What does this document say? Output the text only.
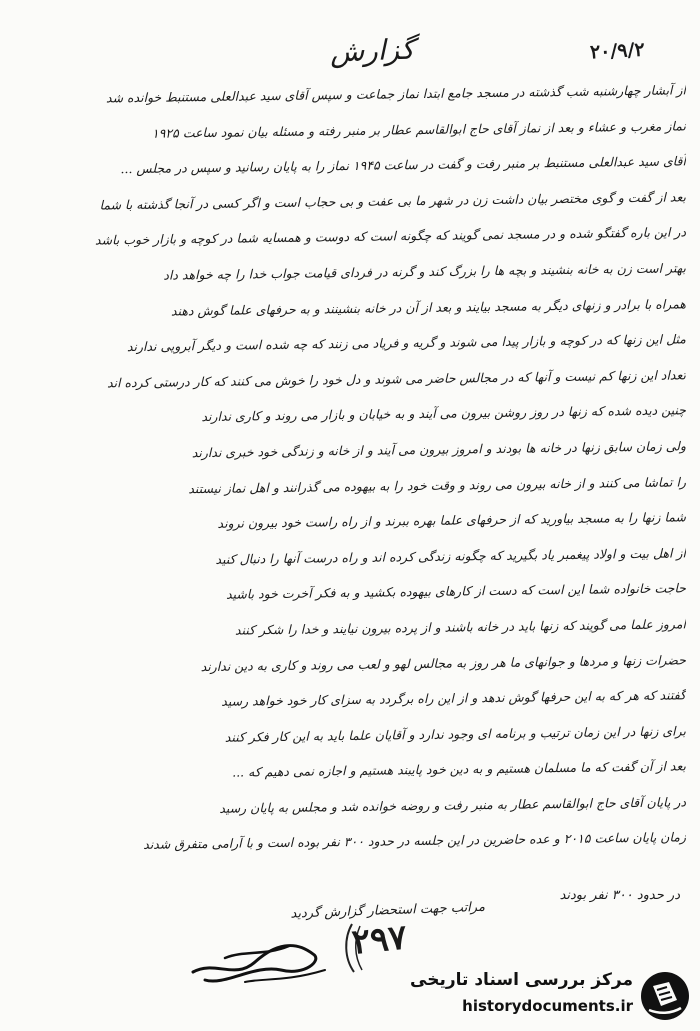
۲۰/۹/۲
گزارش
از آبشار چهارشنبه شب گذشته در مسجد جامع ابتدا نماز جماعت و سپس آقای سید عبدالعلی مستنبط خوانده شد
نماز مغرب و عشاء و بعد از نماز آقای حاج ابوالقاسم عطار بر منبر رفته و مسئله بیان نمود ساعت ۱۹۲۵
آقای سید عبدالعلی مستنبط بر منبر رفت و گفت در ساعت ۱۹۴۵ نماز را به پایان رسانید و سپس در مجلس ...
بعد از گفت و گوی مختصر بیان داشت زن در شهر ما بی عفت و بی حجاب است و اگر کسی در آنجا گذشته با شما
در این باره گفتگو شده و در مسجد نمی گویند که چگونه است که دوست و همسایه شما در کوچه و بازار خوب باشد
بهتر است زن به خانه بنشیند و بچه ها را بزرگ کند و گرنه در فردای قیامت جواب خدا را چه خواهد داد
همراه با برادر و زنهای دیگر به مسجد بیایند و بعد از آن در خانه بنشینند و به حرفهای علما گوش دهند
مثل این زنها که در کوچه و بازار پیدا می شوند و گریه و فریاد می زنند که چه شده است و دیگر آبرویی ندارند
تعداد این زنها کم نیست و آنها که در مجالس حاضر می شوند و دل خود را خوش می کنند که کار درستی کرده اند
چنین دیده شده که زنها در روز روشن بیرون می آیند و به خیابان و بازار می روند و کاری ندارند
ولی زمان سابق زنها در خانه ها بودند و امروز بیرون می آیند و از خانه و زندگی خود خبری ندارند
را تماشا می کنند و از خانه بیرون می روند و وقت خود را به بیهوده می گذرانند و اهل نماز نیستند
شما زنها را به مسجد بیاورید که از حرفهای علما بهره ببرند و از راه راست خود بیرون نروند
از اهل بیت و اولاد پیغمبر یاد بگیرید که چگونه زندگی کرده اند و راه درست آنها را دنبال کنید
حاجت خانواده شما این است که دست از کارهای بیهوده بکشید و به فکر آخرت خود باشید
امروز علما می گویند که زنها باید در خانه باشند و از پرده بیرون نیایند و خدا را شکر کنند
حضرات زنها و مردها و جوانهای ما هر روز به مجالس لهو و لعب می روند و کاری به دین ندارند
گفتند که هر که به این حرفها گوش ندهد و از این راه برگردد به سزای کار خود خواهد رسید
برای زنها در این زمان ترتیب و برنامه ای وجود ندارد و آقایان علما باید به این کار فکر کنند
بعد از آن گفت که ما مسلمان هستیم و به دین خود پایبند هستیم و اجازه نمی دهیم که ...
در پایان آقای حاج ابوالقاسم عطار به منبر رفت و روضه خوانده شد و مجلس به پایان رسید
زمان پایان ساعت ۲۰۱۵ و عده حاضرین در این جلسه در حدود ۳۰۰ نفر بوده است و با آرامی متفرق شدند
در حدود ۳۰۰ نفر بودند
مراتب جهت استحضار گزارش گردید
۲۹۷
مرکز بررسی اسناد تاریخی
historydocuments.ir
